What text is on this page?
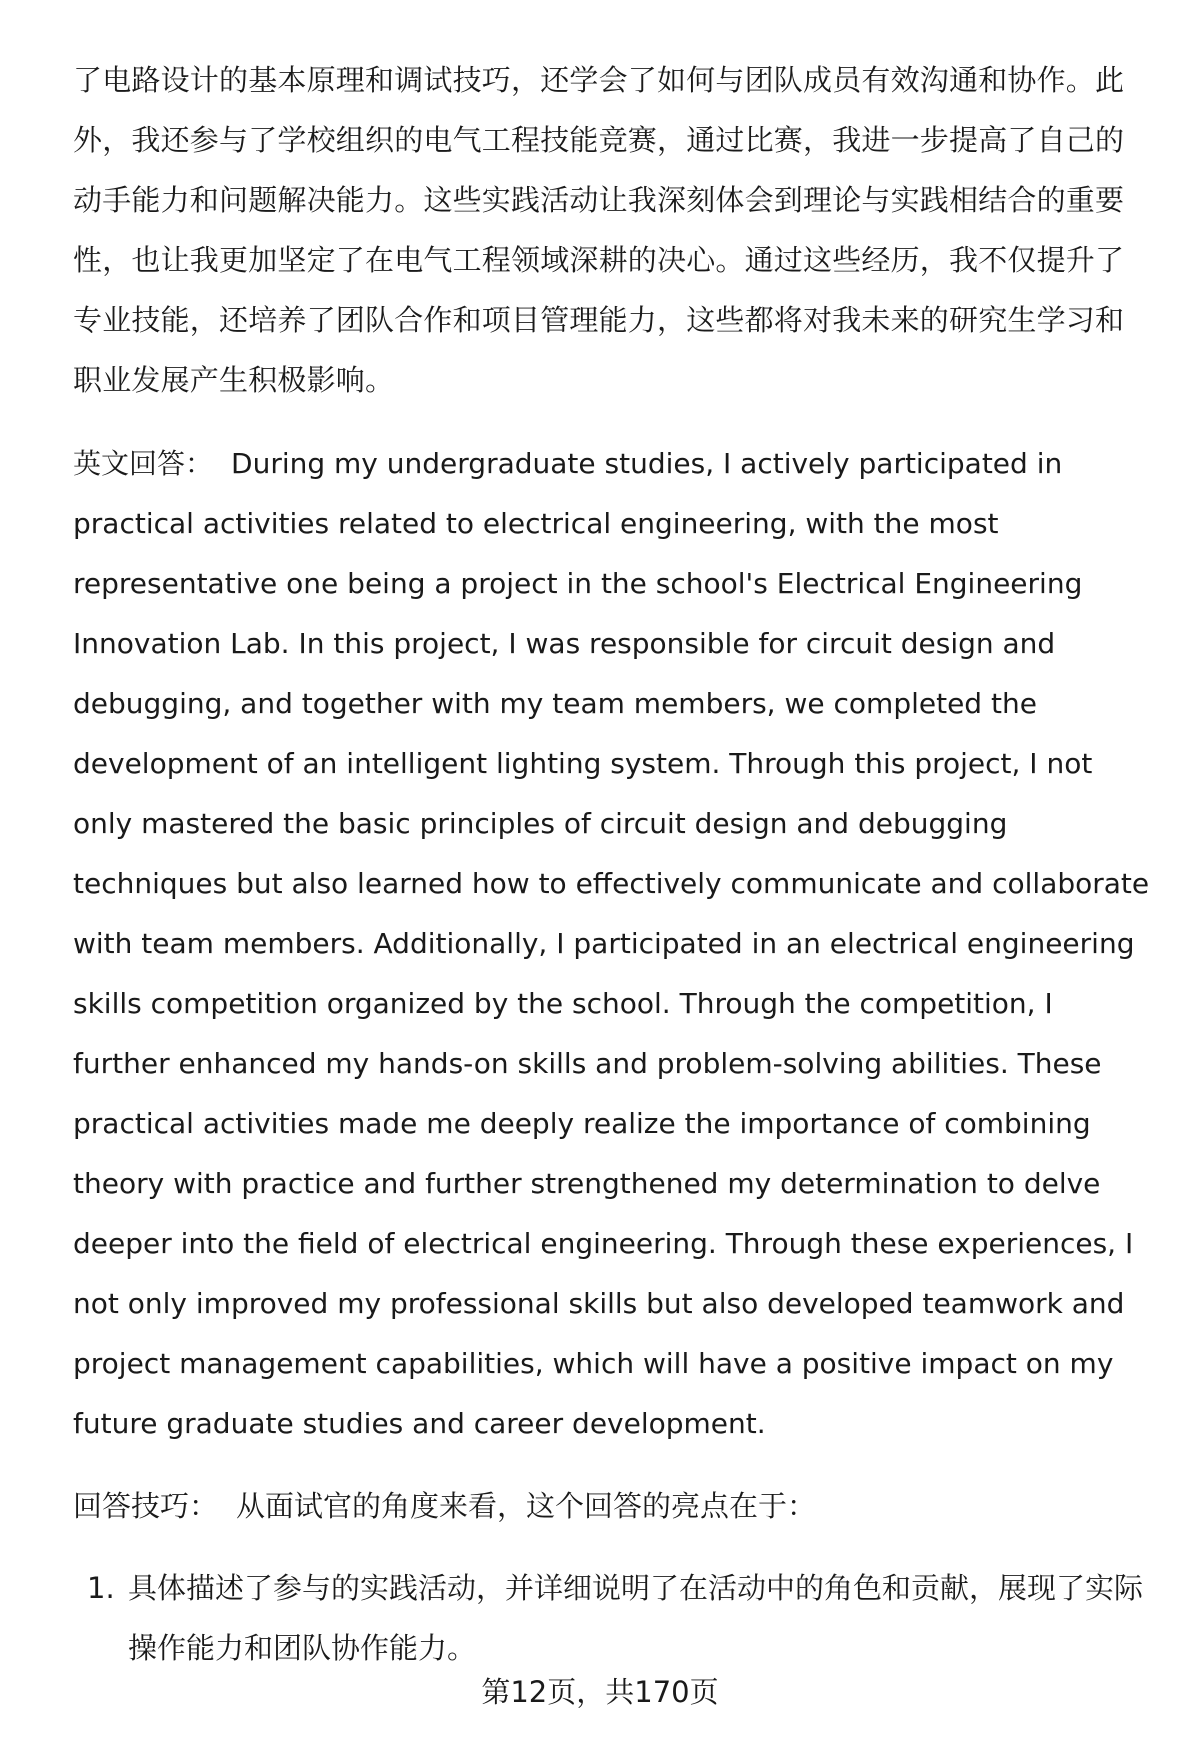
了电路设计的基本原理和调试技巧，还学会了如何与团队成员有效沟通和协作。此外，我还参与了学校组织的电气工程技能竞赛，通过比赛，我进一步提高了自己的动手能力和问题解决能力。这些实践活动让我深刻体会到理论与实践相结合的重要性，也让我更加坚定了在电气工程领域深耕的决心。通过这些经历，我不仅提升了专业技能，还培养了团队合作和项目管理能力，这些都将对我未来的研究生学习和职业发展产生积极影响。

英文回答： During my undergraduate studies, I actively participated in practical activities related to electrical engineering, with the most representative one being a project in the school's Electrical Engineering Innovation Lab. In this project, I was responsible for circuit design and debugging, and together with my team members, we completed the development of an intelligent lighting system. Through this project, I not only mastered the basic principles of circuit design and debugging techniques but also learned how to effectively communicate and collaborate with team members. Additionally, I participated in an electrical engineering skills competition organized by the school. Through the competition, I further enhanced my hands-on skills and problem-solving abilities. These practical activities made me deeply realize the importance of combining theory with practice and further strengthened my determination to delve deeper into the field of electrical engineering. Through these experiences, I not only improved my professional skills but also developed teamwork and project management capabilities, which will have a positive impact on my future graduate studies and career development.

回答技巧： 从面试官的角度来看，这个回答的亮点在于：

1. 具体描述了参与的实践活动，并详细说明了在活动中的角色和贡献，展现了实际操作能力和团队协作能力。
第12页，共170页
